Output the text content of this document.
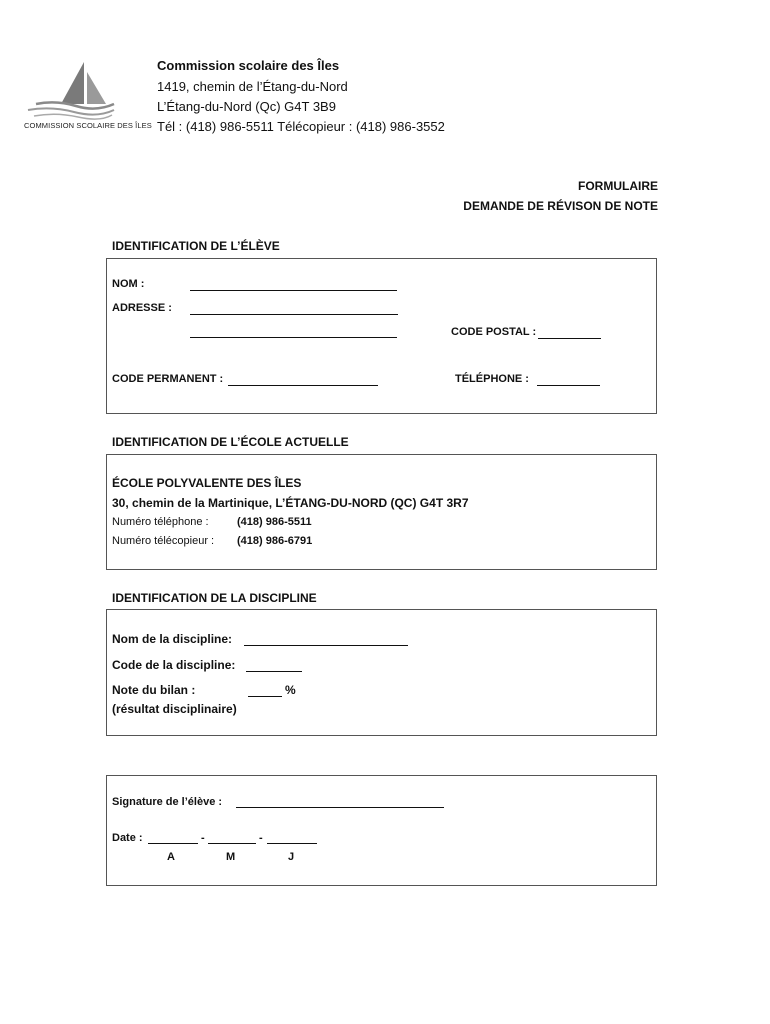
COMMISSION SCOLAIRE DES ÎLES
Commission scolaire des Îles
1419, chemin de l’Étang-du-Nord
L’Étang-du-Nord (Qc) G4T 3B9
Tél : (418) 986-5511 Télécopieur : (418) 986-3552
FORMULAIRE
DEMANDE DE RÉVISON DE NOTE
IDENTIFICATION DE L’ÉLÈVE
NOM :
ADRESSE :
CODE POSTAL :
CODE PERMANENT :	TÉLÉPHONE :
IDENTIFICATION DE L’ÉCOLE ACTUELLE
ÉCOLE POLYVALENTE DES ÎLES
30, chemin de la Martinique, L’ÉTANG-DU-NORD (QC) G4T 3R7
Numéro téléphone :	(418) 986-5511
Numéro télécopieur : (418) 986-6791
IDENTIFICATION DE LA DISCIPLINE
Nom de la discipline:
Code de la discipline:
Note du bilan :	%
(résultat disciplinaire)
Signature de l’élève :
Date :	-	-
A	M	J
